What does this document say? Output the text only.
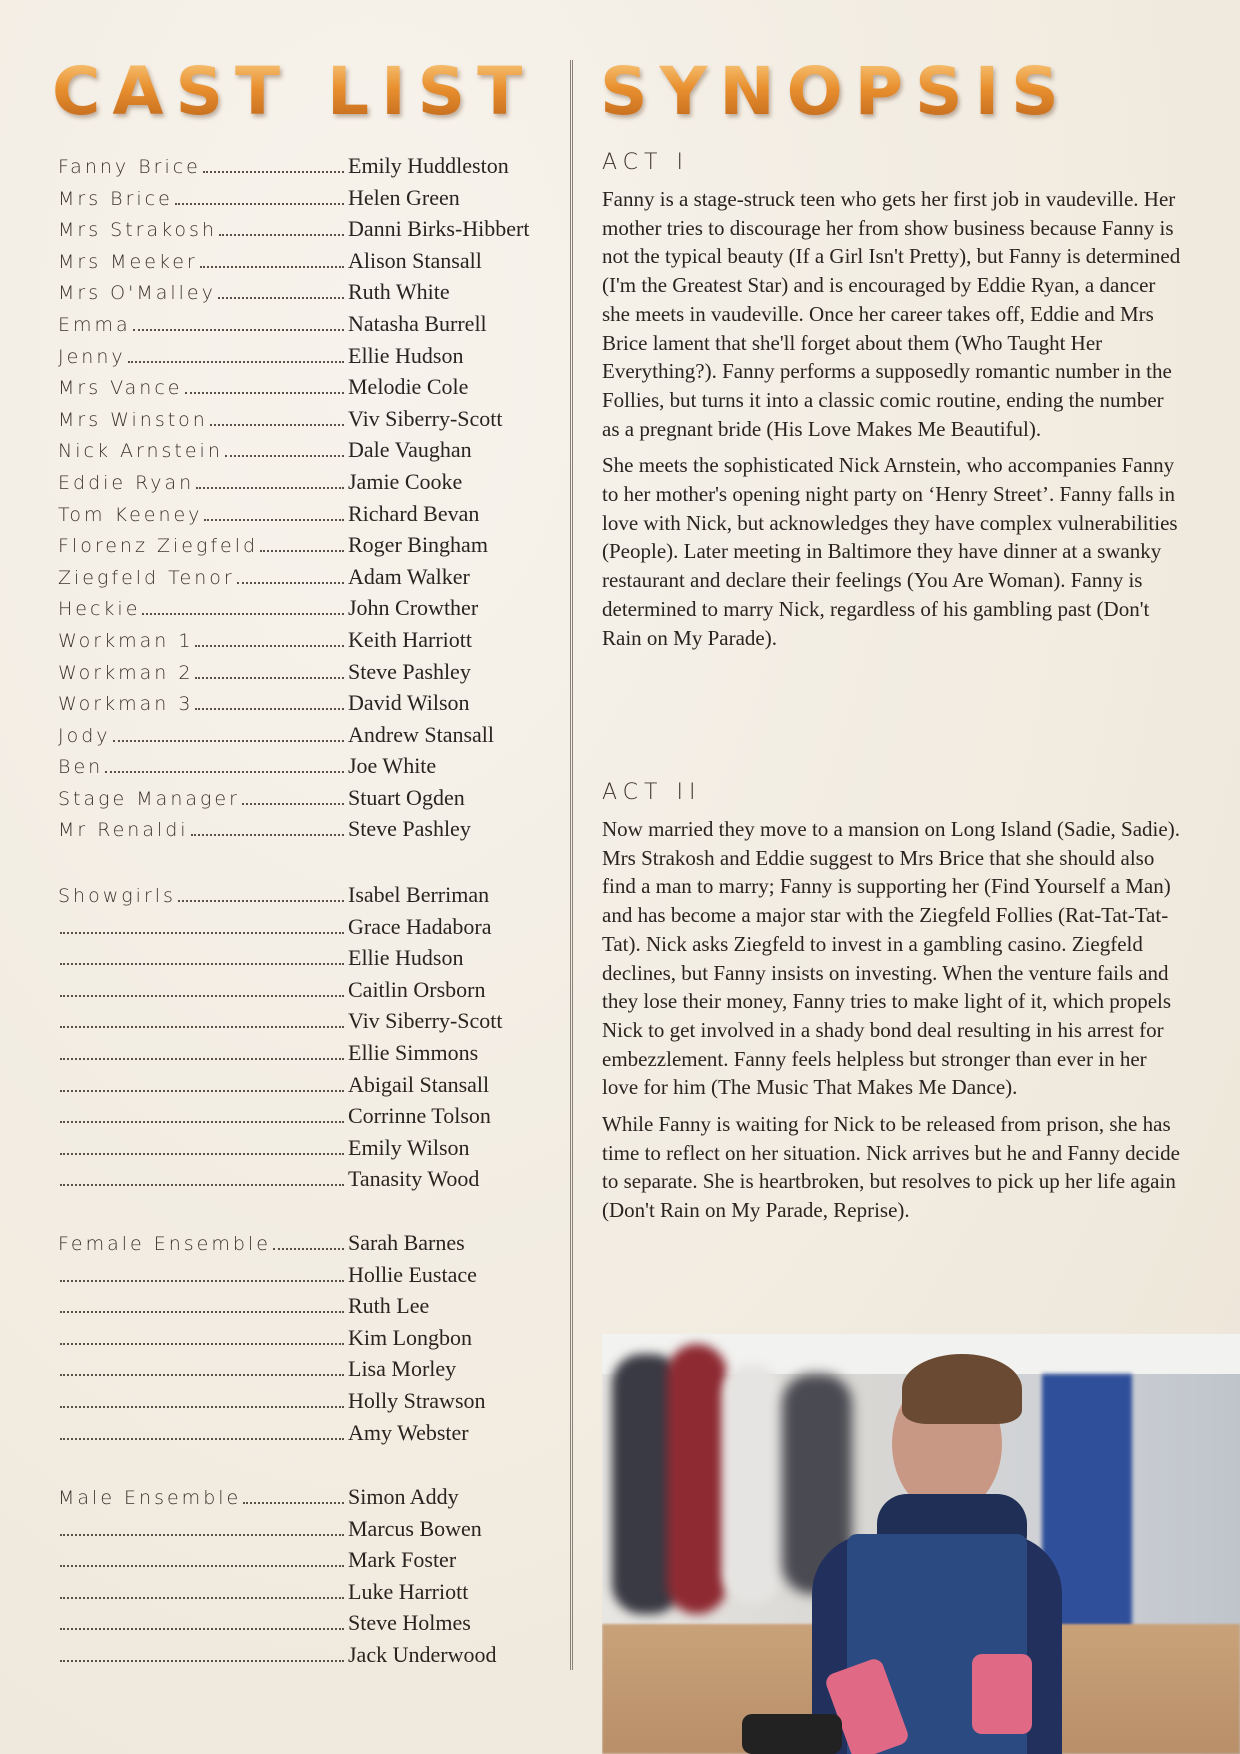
CAST LIST SYNOPSIS
Fanny Brice	Emily Huddleston
Mrs Brice	Helen Green
Mrs Strakosh	Danni Birks-Hibbert
Mrs Meeker	Alison Stansall
Mrs O'Malley	Ruth White
Emma	Natasha Burrell
Jenny	Ellie Hudson
Mrs Vance	Melodie Cole
Mrs Winston	Viv Siberry-Scott
Nick Arnstein	Dale Vaughan
Eddie Ryan	Jamie Cooke
Tom Keeney	Richard Bevan
Florenz Ziegfeld	Roger Bingham
Ziegfeld Tenor	Adam Walker
Heckie	John Crowther
Workman 1	Keith Harriott
Workman 2	Steve Pashley
Workman 3	David Wilson
Jody	Andrew Stansall
Ben	Joe White
Stage Manager	Stuart Ogden
Mr Renaldi	Steve Pashley
Showgirls	Isabel Berriman
Grace Hadabora
Ellie Hudson
Caitlin Orsborn
Viv Siberry-Scott
Ellie Simmons
Abigail Stansall
Corrinne Tolson
Emily Wilson
Tanasity Wood
Female Ensemble	Sarah Barnes
Hollie Eustace
Ruth Lee
Kim Longbon
Lisa Morley
Holly Strawson
Amy Webster
Male Ensemble	Simon Addy
Marcus Bowen
Mark Foster
Luke Harriott
Steve Holmes
Jack Underwood
ACT I

Fanny is a stage-struck teen who gets her first job in vaudeville. Her mother tries to discourage her from show business because Fanny is not the typical beauty (If a Girl Isn't Pretty), but Fanny is determined (I'm the Greatest Star) and is encouraged by Eddie Ryan, a dancer she meets in vaudeville. Once her career takes off, Eddie and Mrs Brice lament that she'll forget about them (Who Taught Her Everything?). Fanny performs a supposedly romantic number in the Follies, but turns it into a classic comic routine, ending the number as a pregnant bride (His Love Makes Me Beautiful).

She meets the sophisticated Nick Arnstein, who accompanies Fanny to her mother's opening night party on ‘Henry Street’. Fanny falls in love with Nick, but acknowledges they have complex vulnerabilities (People). Later meeting in Baltimore they have dinner at a swanky restaurant and declare their feelings (You Are Woman). Fanny is determined to marry Nick, regardless of his gambling past (Don't Rain on My Parade).

ACT II

Now married they move to a mansion on Long Island (Sadie, Sadie). Mrs Strakosh and Eddie suggest to Mrs Brice that she should also find a man to marry; Fanny is supporting her (Find Yourself a Man) and has become a major star with the Ziegfeld Follies (Rat-Tat-Tat-Tat). Nick asks Ziegfeld to invest in a gambling casino. Ziegfeld declines, but Fanny insists on investing. When the venture fails and they lose their money, Fanny tries to make light of it, which propels Nick to get involved in a shady bond deal resulting in his arrest for embezzlement. Fanny feels helpless but stronger than ever in her love for him (The Music That Makes Me Dance).

While Fanny is waiting for Nick to be released from prison, she has time to reflect on her situation. Nick arrives but he and Fanny decide to separate. She is heartbroken, but resolves to pick up her life again (Don't Rain on My Parade, Reprise).
